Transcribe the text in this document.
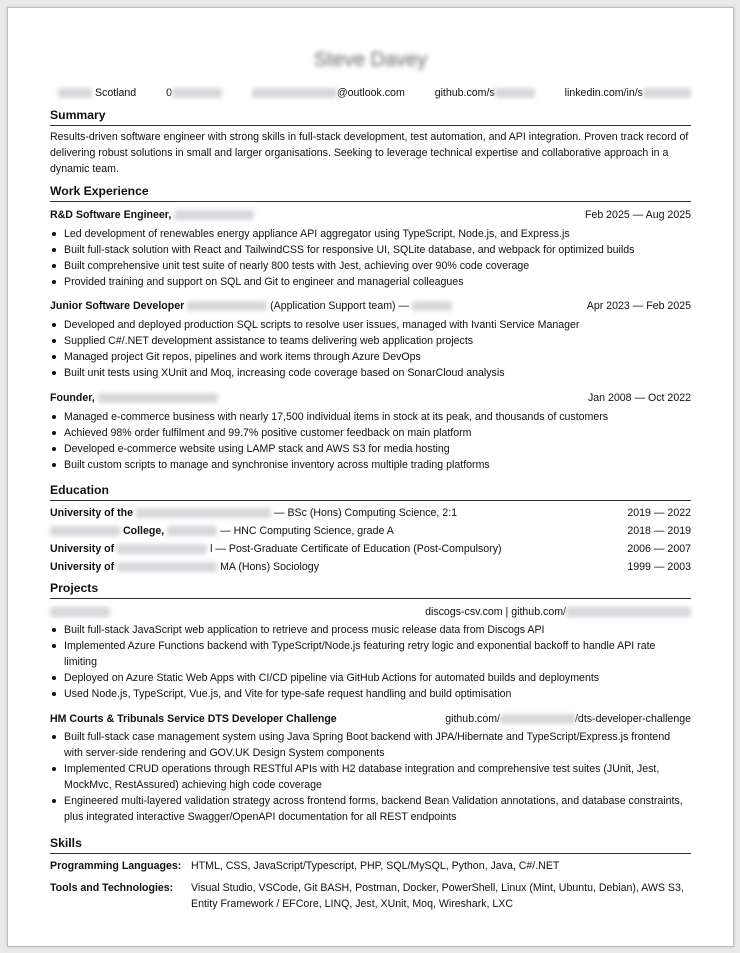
Steve Davey
Scotland	0	@outlook.com	github.com/s	linkedin.com/in/s
Summary
Results-driven software engineer with strong skills in full-stack development, test automation, and API integration. Proven track record of delivering robust solutions in small and larger organisations. Seeking to leverage technical expertise and collaborative approach in a dynamic team.
Work Experience
R&D Software Engineer,	Feb 2025 — Aug 2025
Led development of renewables energy appliance API aggregator using TypeScript, Node.js, and Express.js
Built full-stack solution with React and TailwindCSS for responsive UI, SQLite database, and webpack for optimized builds
Built comprehensive unit test suite of nearly 800 tests with Jest, achieving over 90% code coverage
Provided training and support on SQL and Git to engineer and managerial colleagues
Junior Software Developer	(Application Support team) —	Apr 2023 — Feb 2025
Developed and deployed production SQL scripts to resolve user issues, managed with Ivanti Service Manager
Supplied C#/.NET development assistance to teams delivering web application projects
Managed project Git repos, pipelines and work items through Azure DevOps
Built unit tests using XUnit and Moq, increasing code coverage based on SonarCloud analysis
Founder,	Jan 2008 — Oct 2022
Managed e-commerce business with nearly 17,500 individual items in stock at its peak, and thousands of customers
Achieved 98% order fulfilment and 99.7% positive customer feedback on main platform
Developed e-commerce website using LAMP stack and AWS S3 for media hosting
Built custom scripts to manage and synchronise inventory across multiple trading platforms
Education
University of the	— BSc (Hons) Computing Science, 2:1	2019 — 2022
College,	— HNC Computing Science, grade A	2018 — 2019
University of	l — Post-Graduate Certificate of Education (Post-Compulsory)	2006 — 2007
University of	MA (Hons) Sociology	1999 — 2003
Projects
discogs-csv.com | github.com/
Built full-stack JavaScript web application to retrieve and process music release data from Discogs API
Implemented Azure Functions backend with TypeScript/Node.js featuring retry logic and exponential backoff to handle API rate limiting
Deployed on Azure Static Web Apps with CI/CD pipeline via GitHub Actions for automated builds and deployments
Used Node.js, TypeScript, Vue.js, and Vite for type-safe request handling and build optimisation
HM Courts & Tribunals Service DTS Developer Challenge	github.com/	/dts-developer-challenge
Built full-stack case management system using Java Spring Boot backend with JPA/Hibernate and TypeScript/Express.js frontend with server-side rendering and GOV.UK Design System components
Implemented CRUD operations through RESTful APIs with H2 database integration and comprehensive test suites (JUnit, Jest, MockMvc, RestAssured) achieving high code coverage
Engineered multi-layered validation strategy across frontend forms, backend Bean Validation annotations, and database constraints, plus integrated interactive Swagger/OpenAPI documentation for all REST endpoints
Skills
Programming Languages: HTML, CSS, JavaScript/Typescript, PHP, SQL/MySQL, Python, Java, C#/.NET
Tools and Technologies:	Visual Studio, VSCode, Git BASH, Postman, Docker, PowerShell, Linux (Mint, Ubuntu, Debian), AWS S3, Entity Framework / EFCore, LINQ, Jest, XUnit, Moq, Wireshark, LXC
